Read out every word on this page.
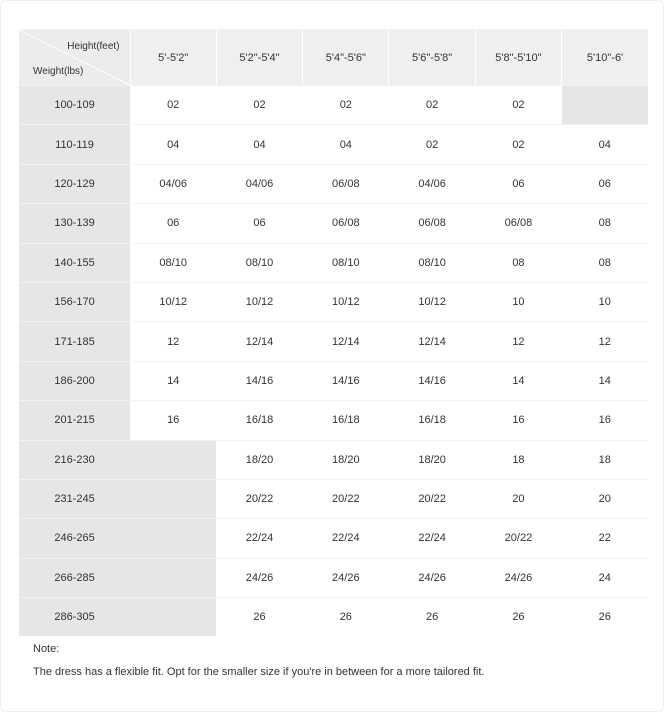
Height(feet)
Weight(lbs)	5'-5'2"	5'2"-5'4"	5'4"-5'6"	5'6"-5'8"	5'8"-5'10"	5'10"-6'
100-109	02	02	02	02	02	
110-119	04	04	04	02	02	04
120-129	04/06	04/06	06/08	04/06	06	06
130-139	06	06	06/08	06/08	06/08	08
140-155	08/10	08/10	08/10	08/10	08	08
156-170	10/12	10/12	10/12	10/12	10	10
171-185	12	12/14	12/14	12/14	12	12
186-200	14	14/16	14/16	14/16	14	14
201-215	16	16/18	16/18	16/18	16	16
216-230		18/20	18/20	18/20	18	18
231-245		20/22	20/22	20/22	20	20
246-265		22/24	22/24	22/24	20/22	22
266-285		24/26	24/26	24/26	24/26	24
286-305		26	26	26	26	26
Note:
The dress has a flexible fit. Opt for the smaller size if you're in between for a more tailored fit.
